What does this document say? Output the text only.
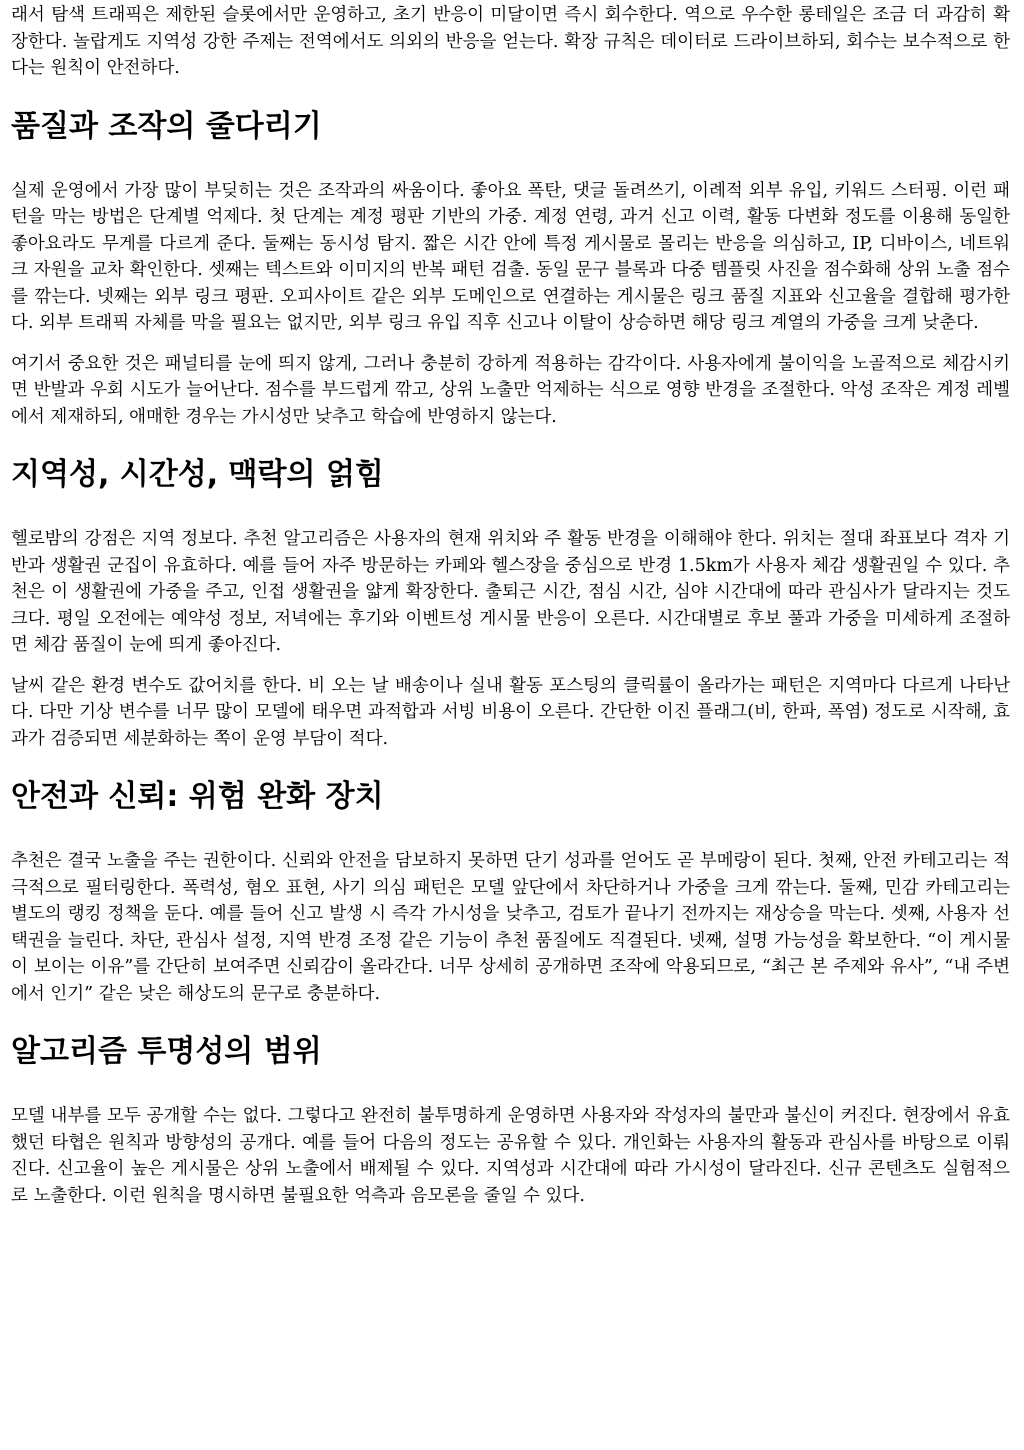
래서 탐색 트래픽은 제한된 슬롯에서만 운영하고, 초기 반응이 미달이면 즉시 회수한다. 역으로 우수한 롱테일은 조금 더 과감히 확장한다. 놀랍게도 지역성 강한 주제는 전역에서도 의외의 반응을 얻는다. 확장 규칙은 데이터로 드라이브하되, 회수는 보수적으로 한다는 원칙이 안전하다.

품질과 조작의 줄다리기

실제 운영에서 가장 많이 부딪히는 것은 조작과의 싸움이다. 좋아요 폭탄, 댓글 돌려쓰기, 이례적 외부 유입, 키워드 스터핑. 이런 패턴을 막는 방법은 단계별 억제다. 첫 단계는 계정 평판 기반의 가중. 계정 연령, 과거 신고 이력, 활동 다변화 정도를 이용해 동일한 좋아요라도 무게를 다르게 준다. 둘째는 동시성 탐지. 짧은 시간 안에 특정 게시물로 몰리는 반응을 의심하고, IP, 디바이스, 네트워크 자원을 교차 확인한다. 셋째는 텍스트와 이미지의 반복 패턴 검출. 동일 문구 블록과 다중 템플릿 사진을 점수화해 상위 노출 점수를 깎는다. 넷째는 외부 링크 평판. 오피사이트 같은 외부 도메인으로 연결하는 게시물은 링크 품질 지표와 신고율을 결합해 평가한다. 외부 트래픽 자체를 막을 필요는 없지만, 외부 링크 유입 직후 신고나 이탈이 상승하면 해당 링크 계열의 가중을 크게 낮춘다.

여기서 중요한 것은 패널티를 눈에 띄지 않게, 그러나 충분히 강하게 적용하는 감각이다. 사용자에게 불이익을 노골적으로 체감시키면 반발과 우회 시도가 늘어난다. 점수를 부드럽게 깎고, 상위 노출만 억제하는 식으로 영향 반경을 조절한다. 악성 조작은 계정 레벨에서 제재하되, 애매한 경우는 가시성만 낮추고 학습에 반영하지 않는다.

지역성, 시간성, 맥락의 얽힘

헬로밤의 강점은 지역 정보다. 추천 알고리즘은 사용자의 현재 위치와 주 활동 반경을 이해해야 한다. 위치는 절대 좌표보다 격자 기반과 생활권 군집이 유효하다. 예를 들어 자주 방문하는 카페와 헬스장을 중심으로 반경 1.5km가 사용자 체감 생활권일 수 있다. 추천은 이 생활권에 가중을 주고, 인접 생활권을 얇게 확장한다. 출퇴근 시간, 점심 시간, 심야 시간대에 따라 관심사가 달라지는 것도 크다. 평일 오전에는 예약성 정보, 저녁에는 후기와 이벤트성 게시물 반응이 오른다. 시간대별로 후보 풀과 가중을 미세하게 조절하면 체감 품질이 눈에 띄게 좋아진다.

날씨 같은 환경 변수도 값어치를 한다. 비 오는 날 배송이나 실내 활동 포스팅의 클릭률이 올라가는 패턴은 지역마다 다르게 나타난다. 다만 기상 변수를 너무 많이 모델에 태우면 과적합과 서빙 비용이 오른다. 간단한 이진 플래그(비, 한파, 폭염) 정도로 시작해, 효과가 검증되면 세분화하는 쪽이 운영 부담이 적다.

안전과 신뢰: 위험 완화 장치

추천은 결국 노출을 주는 권한이다. 신뢰와 안전을 담보하지 못하면 단기 성과를 얻어도 곧 부메랑이 된다. 첫째, 안전 카테고리는 적극적으로 필터링한다. 폭력성, 혐오 표현, 사기 의심 패턴은 모델 앞단에서 차단하거나 가중을 크게 깎는다. 둘째, 민감 카테고리는 별도의 랭킹 정책을 둔다. 예를 들어 신고 발생 시 즉각 가시성을 낮추고, 검토가 끝나기 전까지는 재상승을 막는다. 셋째, 사용자 선택권을 늘린다. 차단, 관심사 설정, 지역 반경 조정 같은 기능이 추천 품질에도 직결된다. 넷째, 설명 가능성을 확보한다. “이 게시물이 보이는 이유”를 간단히 보여주면 신뢰감이 올라간다. 너무 상세히 공개하면 조작에 악용되므로, “최근 본 주제와 유사”, “내 주변에서 인기” 같은 낮은 해상도의 문구로 충분하다.

알고리즘 투명성의 범위

모델 내부를 모두 공개할 수는 없다. 그렇다고 완전히 불투명하게 운영하면 사용자와 작성자의 불만과 불신이 커진다. 현장에서 유효했던 타협은 원칙과 방향성의 공개다. 예를 들어 다음의 정도는 공유할 수 있다. 개인화는 사용자의 활동과 관심사를 바탕으로 이뤄진다. 신고율이 높은 게시물은 상위 노출에서 배제될 수 있다. 지역성과 시간대에 따라 가시성이 달라진다. 신규 콘텐츠도 실험적으로 노출한다. 이런 원칙을 명시하면 불필요한 억측과 음모론을 줄일 수 있다.
